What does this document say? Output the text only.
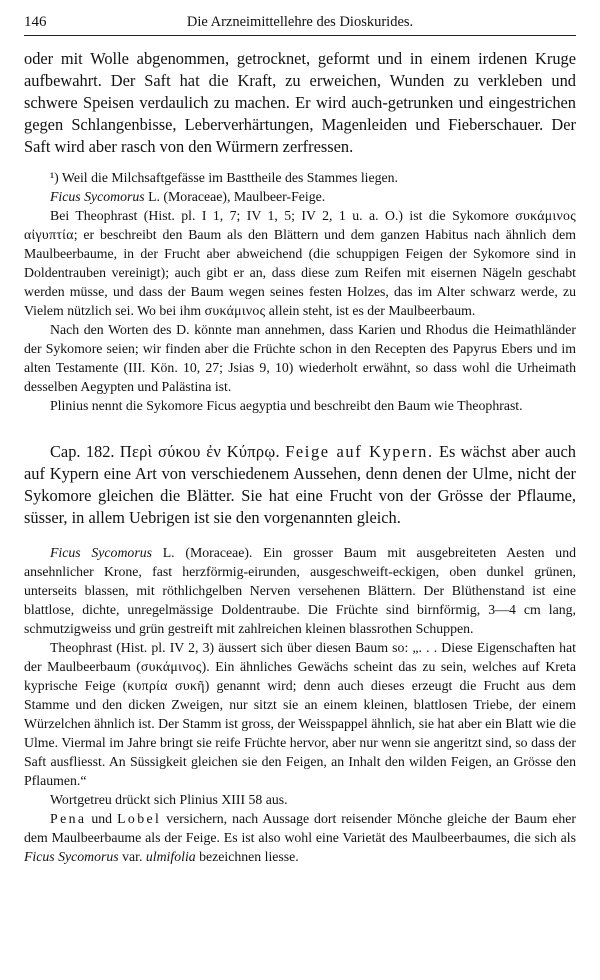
146	Die Arzneimittellehre des Dioskurides.

oder mit Wolle abgenommen, getrocknet, geformt und in einem irdenen Kruge aufbewahrt. Der Saft hat die Kraft, zu erweichen, Wunden zu verkleben und schwere Speisen verdaulich zu machen. Er wird auch-getrunken und eingestrichen gegen Schlangenbisse, Leberverhärtungen, Magenleiden und Fieberschauer. Der Saft wird aber rasch von den Würmern zerfressen.

¹) Weil die Milchsaftgefässe im Basttheile des Stammes liegen.

Ficus Sycomorus L. (Moraceae), Maulbeer-Feige.

Bei Theophrast (Hist. pl. I 1, 7; IV 1, 5; IV 2, 1 u. a. O.) ist die Sykomore συκάμινος αἰγυπτία; er beschreibt den Baum als den Blättern und dem ganzen Habitus nach ähnlich dem Maulbeerbaume, in der Frucht aber abweichend (die schuppigen Feigen der Sykomore sind in Doldentrauben vereinigt); auch gibt er an, dass diese zum Reifen mit eisernen Nägeln geschabt werden müsse, und dass der Baum wegen seines festen Holzes, das im Alter schwarz werde, zu Vielem nützlich sei. Wo bei ihm συκάμινος allein steht, ist es der Maulbeerbaum.

Nach den Worten des D. könnte man annehmen, dass Karien und Rhodus die Heimathländer der Sykomore seien; wir finden aber die Früchte schon in den Recepten des Papyrus Ebers und im alten Testamente (III. Kön. 10, 27; Jsias 9, 10) wiederholt erwähnt, so dass wohl die Urheimath desselben Aegypten und Palästina ist.

Plinius nennt die Sykomore Ficus aegyptia und beschreibt den Baum wie Theophrast.

Cap. 182. Περὶ σύκου ἐν Κύπρῳ. Feige auf Kypern. Es wächst aber auch auf Kypern eine Art von verschiedenem Aussehen, denn denen der Ulme, nicht der Sykomore gleichen die Blätter. Sie hat eine Frucht von der Grösse der Pflaume, süsser, in allem Uebrigen ist sie den vorgenannten gleich.

Ficus Sycomorus L. (Moraceae). Ein grosser Baum mit ausgebreiteten Aesten und ansehnlicher Krone, fast herzförmig-eirunden, ausgeschweift-eckigen, oben dunkel grünen, unterseits blassen, mit röthlichgelben Nerven versehenen Blättern. Der Blüthenstand ist eine blattlose, dichte, unregelmässige Doldentraube. Die Früchte sind birnförmig, 3—4 cm lang, schmutzigweiss und grün gestreift mit zahlreichen kleinen blassrothen Schuppen.

Theophrast (Hist. pl. IV 2, 3) äussert sich über diesen Baum so: „. . . Diese Eigenschaften hat der Maulbeerbaum (συκάμινος). Ein ähnliches Gewächs scheint das zu sein, welches auf Kreta kyprische Feige (κυπρία συκῆ) genannt wird; denn auch dieses erzeugt die Frucht aus dem Stamme und den dicken Zweigen, nur sitzt sie an einem kleinen, blattlosen Triebe, der einem Würzelchen ähnlich ist. Der Stamm ist gross, der Weisspappel ähnlich, sie hat aber ein Blatt wie die Ulme. Viermal im Jahre bringt sie reife Früchte hervor, aber nur wenn sie angeritzt sind, so dass der Saft ausfliesst. An Süssigkeit gleichen sie den Feigen, an Inhalt den wilden Feigen, an Grösse den Pflaumen.“

Wortgetreu drückt sich Plinius XIII 58 aus.

Pena und Lobel versichern, nach Aussage dort reisender Mönche gleiche der Baum eher dem Maulbeerbaume als der Feige. Es ist also wohl eine Varietät des Maulbeerbaumes, die sich als Ficus Sycomorus var. ulmifolia bezeichnen liesse.
